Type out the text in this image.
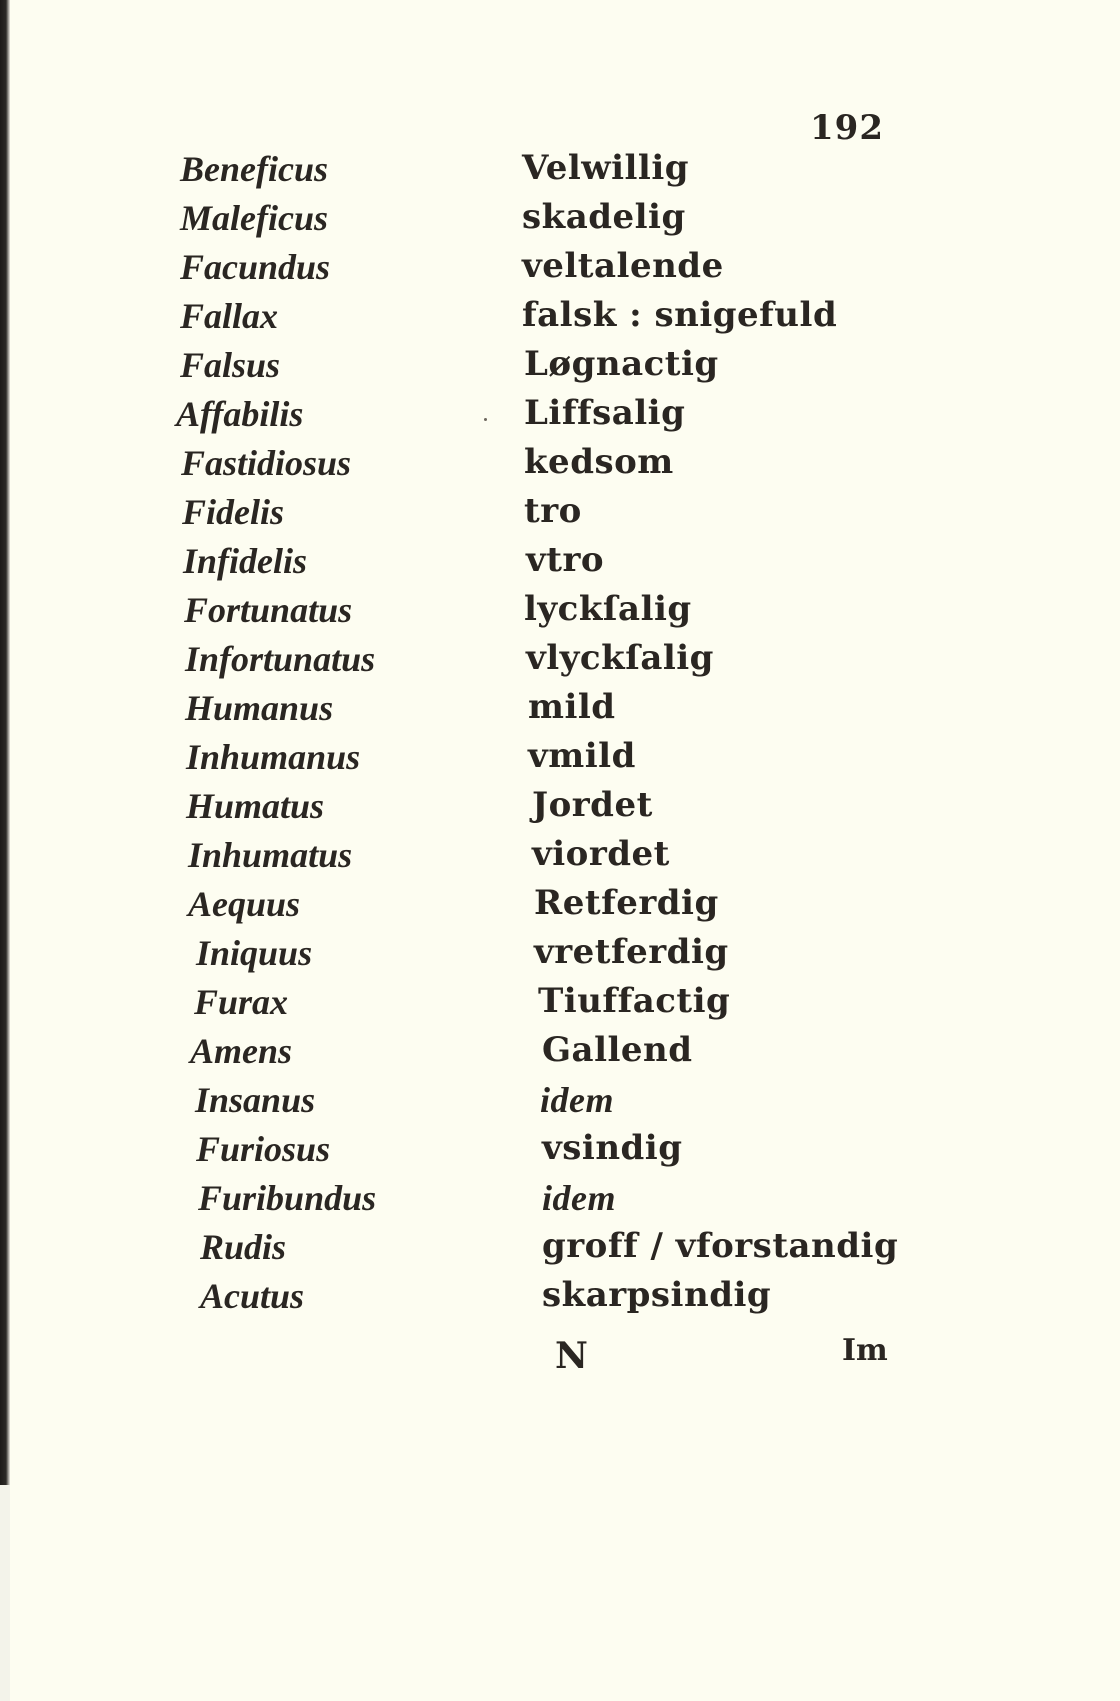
192
Beneficus	Velwillig
Maleficus	skadelig
Facundus	veltalende
Fallax	falsk : snigefuld
Falsus	Løgnactig
Affabilis	Liffsalig
Fastidiosus	kedsom
Fidelis	tro
Infidelis	vtro
Fortunatus	lyckſalig
Infortunatus	vlyckſalig
Humanus	mild
Inhumanus	vmild
Humatus	Jordet
Inhumatus	viordet
Aequus	Retferdig
Iniquus	vretferdig
Furax	Tiuffactig
Amens	Gallend
Insanus	idem
Furiosus	vsindig
Furibundus	idem
Rudis	groff / vforstandig
Acutus	skarpsindig
N	Im
